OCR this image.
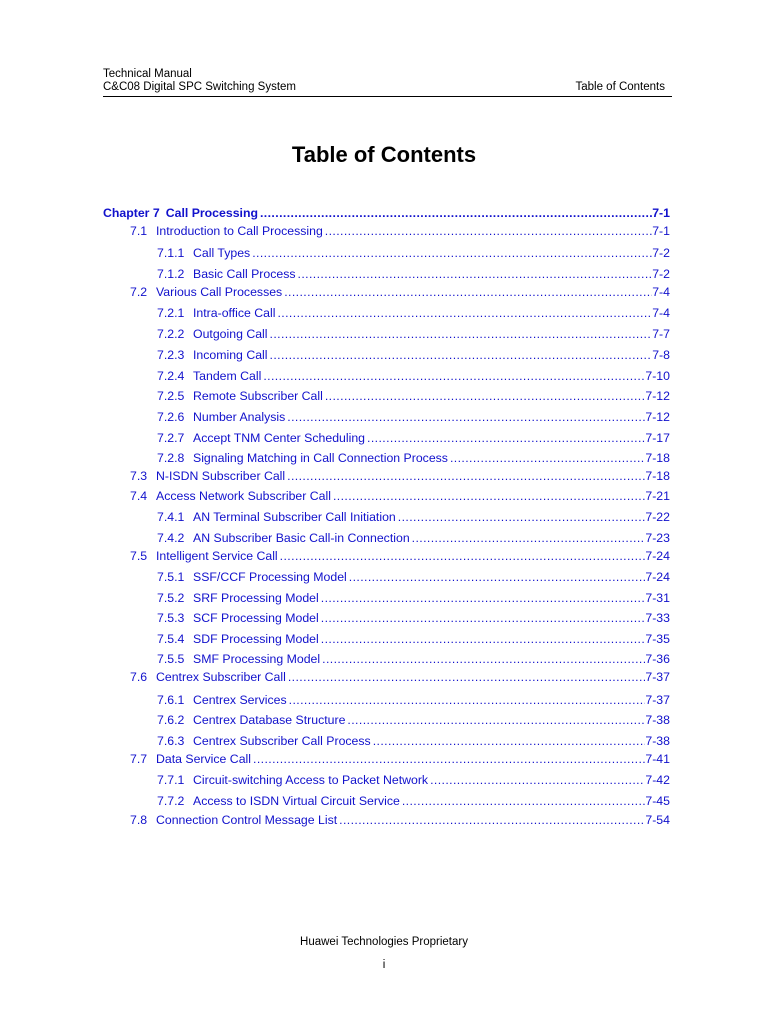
Technical Manual
C&C08 Digital SPC Switching System	Table of Contents
Table of Contents
Chapter 7 Call Processing .....	7-1
7.1 Introduction to Call Processing .....	7-1
7.1.1 Call Types .....	7-2
7.1.2 Basic Call Process .....	7-2
7.2 Various Call Processes .....	7-4
7.2.1 Intra-office Call .....	7-4
7.2.2 Outgoing Call .....	7-7
7.2.3 Incoming Call .....	7-8
7.2.4 Tandem Call .....	7-10
7.2.5 Remote Subscriber Call .....	7-12
7.2.6 Number Analysis .....	7-12
7.2.7 Accept TNM Center Scheduling .....	7-17
7.2.8 Signaling Matching in Call Connection Process .....	7-18
7.3 N-ISDN Subscriber Call .....	7-18
7.4 Access Network Subscriber Call .....	7-21
7.4.1 AN Terminal Subscriber Call Initiation .....	7-22
7.4.2 AN Subscriber Basic Call-in Connection .....	7-23
7.5 Intelligent Service Call .....	7-24
7.5.1 SSF/CCF Processing Model .....	7-24
7.5.2 SRF Processing Model .....	7-31
7.5.3 SCF Processing Model .....	7-33
7.5.4 SDF Processing Model .....	7-35
7.5.5 SMF Processing Model .....	7-36
7.6 Centrex Subscriber Call .....	7-37
7.6.1 Centrex Services .....	7-37
7.6.2 Centrex Database Structure .....	7-38
7.6.3 Centrex Subscriber Call Process .....	7-38
7.7 Data Service Call .....	7-41
7.7.1 Circuit-switching Access to Packet Network .....	7-42
7.7.2 Access to ISDN Virtual Circuit Service .....	7-45
7.8 Connection Control Message List .....	7-54
Huawei Technologies Proprietary
i
